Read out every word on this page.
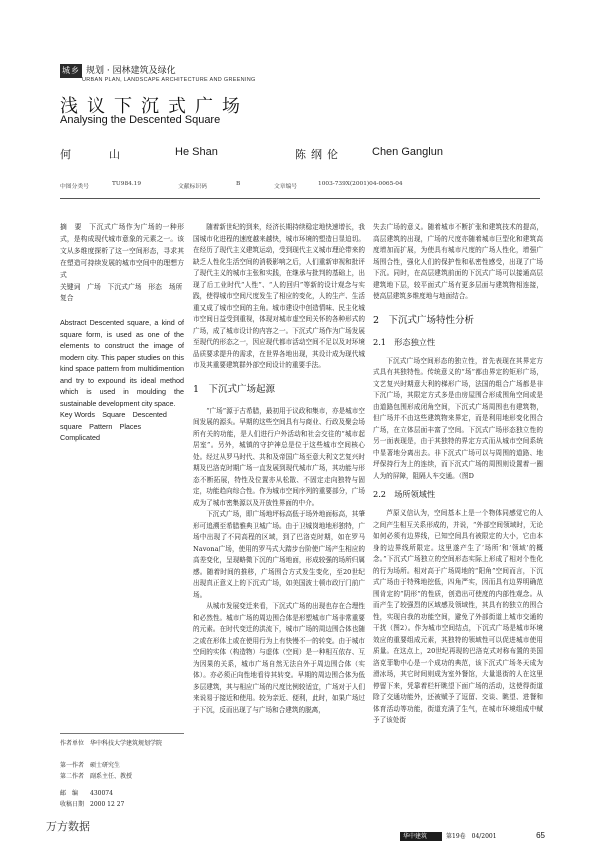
城乡 规划 · 园林建筑及绿化
URBAN PLAN, LANDSCAPE ARCHITECTURE AND GREENING
浅议下沉式广场
Analysing the Descented Square
何山 He Shan	陈纲伦	Chen Ganglun
中图分类号	TU984.19	文献标识码	B	文章编号	1003-739X(2001)04-0065-04
摘　要　下沉式广场作为广场的一种形式，是构成现代城市意象的元素之一。该文从多维度探析了这一空间形态，寻求其在塑造可持续发展的城市空间中的理想方式
关键词　广场　下沉式广场　形态　场所　复合
Abstract Descented square, a kind of square form, is used as one of the elements to construct the image of modern city. This paper studies on this kind space pattern from multidimention and try to expound its ideal method which is used in moulding the sustainable development city space.
Key Words　Square　Descented square　Pattern　Places　Complicated
作者单位 华中科技大学建筑规划学院
第一作者 硕士研究生
第二作者 副系主任、教授
邮　编 430074
收稿日期 2000 12 27

随着新世纪的到来，经济长期持续稳定地快速增长，我国城市化进程的速度越来越快，城市环境的塑造日显迫切。在经历了现代主义建筑运动，受到现代主义城市理论带来的缺乏人性化生活空间的消极影响之后，人们重新审视和批评了现代主义的城市主张和实践，在继承与批判的基础上，出现了后工业时代“人性”、“人的回归”等新的设计观念与实践，使得城市空间尺度发生了相应的变化，人的生产、生活重又成了城市空间的主角。城市建设中创造情味、民主化城市空间日益受到重视，体现对城市虚空间关怀的各种形式的广场，成了城市设计的内容之一。下沉式广场作为广场发展至现代的形态之一，因应现代都市活动空间不足以及对环境品质要求提升的需求，在世界各地出现，其设计成为现代城市及其重要建筑群外部空间设计的重要手法。

1　下沉式广场起源

“广场”源于古希腊，最初用于议政和集市，亦是城市空间发展的源头。早期的这些空间具有与商业、行政及聚会场所有关的功能，是人们进行户外活动和社会交往的“城市起居室”。另外，城镇的守护神总是位于这些城市空间核心处。经过从罗马时代、共和及帝国广场至意大利文艺复兴时期及巴洛克时期广场一直发展到现代城市广场，其功能与形态不断拓展，特性及位置亦从松散、不固定走向独特与固定，功能趋向综合性。作为城市空间序列的重要部分，广场成为了城市密集源以及开放性界面的中介。

下沉式广场，即广场地坪标高低于场外地面标高，其肇形可追溯至希腊雅典卫城广场。由于卫城岗地地形独特，广场中出现了不同高程的区域，到了巴洛克时期，如在罗马Navona广场，使用的罗马式大踏步台阶使广场产生相应的高差变化，呈现略微下沉的广场地面，形成较强的场所归属感。随着时间的推移，广场围合方式发生变化，至20世纪出现真正意义上的下沉式广场，如美国波士顿市政厅门前广场。

从城市发展变迁来看，下沉式广场的出现也存在合理性和必然性。城市广场的周边围合体是形塑城市广场非常重要的元素。在时代变迁的洪流下，城市广场的周边围合体也随之或在形体上或在使用行为上有快慢不一的转变。由于城市空间的实体（构造物）与虚体（空间）是一种相互依存、互为因果的关系，城市广场自然无法自外于周边围合体（实体）。亦必须正向性地看待其转变。早期的周边围合体为低多层建筑，其与相应广场的尺度比例较适宜，广场对于人们来说易于接近和使用。较为亲近、便利，此时，如果广场过于下沉，反而出现了与广场和合建筑的脱离，

失去广场的意义。随着城市不断扩张和建筑技术的提高，高层建筑的出现，广场的尺度亦随着城市巨型化和建筑高度增加而扩展，为使具有城市尺度的广场人性化，增强广场围合性，强化人们的保护性和私密性感受，出现了广场下沉。同时，在高层建筑前面的下沉式广场可以接通高层建筑地下层，较平面式广场有更多层面与建筑物相连接，使高层建筑多维度地与地面结合。

2　下沉式广场特性分析
2.1　形态独立性

下沉式广场空间形态的独立性，首先表现在其界定方式具有其独特性。传统意义的“场”都由界定的矩形广场，文艺复兴时期意大利的梯形广场，法国的组合广场都是非下沉广场，其限定方式多是由房屋围合形成围角空间或是由道路包围形成闭角空间，下沉式广场周围也有建筑物，但广场并不由这些建筑物来界定，而是利用地形变化围合广场，在立体层面丰富了空间。下沉式广场形态独立性的另一面表现是，由于其独特的界定方式而从城市空间系统中显著地分离出去。非下沉式广场可以与周围的道路、地坪保持行为上的连续，而下沉式广场的周围则设置着一圈人为的屏障，阻隔人车交通。（图D

2.2　场所领域性

芦原义信认为，空间基本上是一个物体同感觉它的人之间产生相互关系形成的，并说，“外部空间领域时，无论如何必须有边界线，已知空间具有被限定的大小，它由本身的边界线所限定。这里遂产生了‘场所’和‘领域’的概念。”下沉式广场独立的空间形态实际上形成了相对个性化的行为场所。相对高于广场周地的“阳角”空间而言，下沉式广场由于特殊地挖低，四角严实，因而具有边界明确范围肯定的“阴形”的性质，创造出可使度的内部性观念。从而产生了较强烈的区域感及领域性，其具有的独立的围合性，实现自我的功能空间，避免了外部街道上城市交通的干扰（图2）。作为城市空间结点，下沉式广场是城市环境效应的重要组成元素，其独特的领域性可以促进城市使用质量。在这点上，20世纪再现的巴洛克式对称布置的美国洛克菲勒中心是一个成功的典范，该下沉式广场冬天成为滑冰场，其它时间则成为室外餐馆，大量退街的人在这里停留下来，凭靠着栏杆眺望下面广场的活动，这使得街道除了交通功能外，还被赋予了逗留、交谈、眺望、进餐和体育活动等功能，街道充满了生气，在城市环境组成中赋予了该处街

万方数据
华中建筑	第19卷　04/2001	65
